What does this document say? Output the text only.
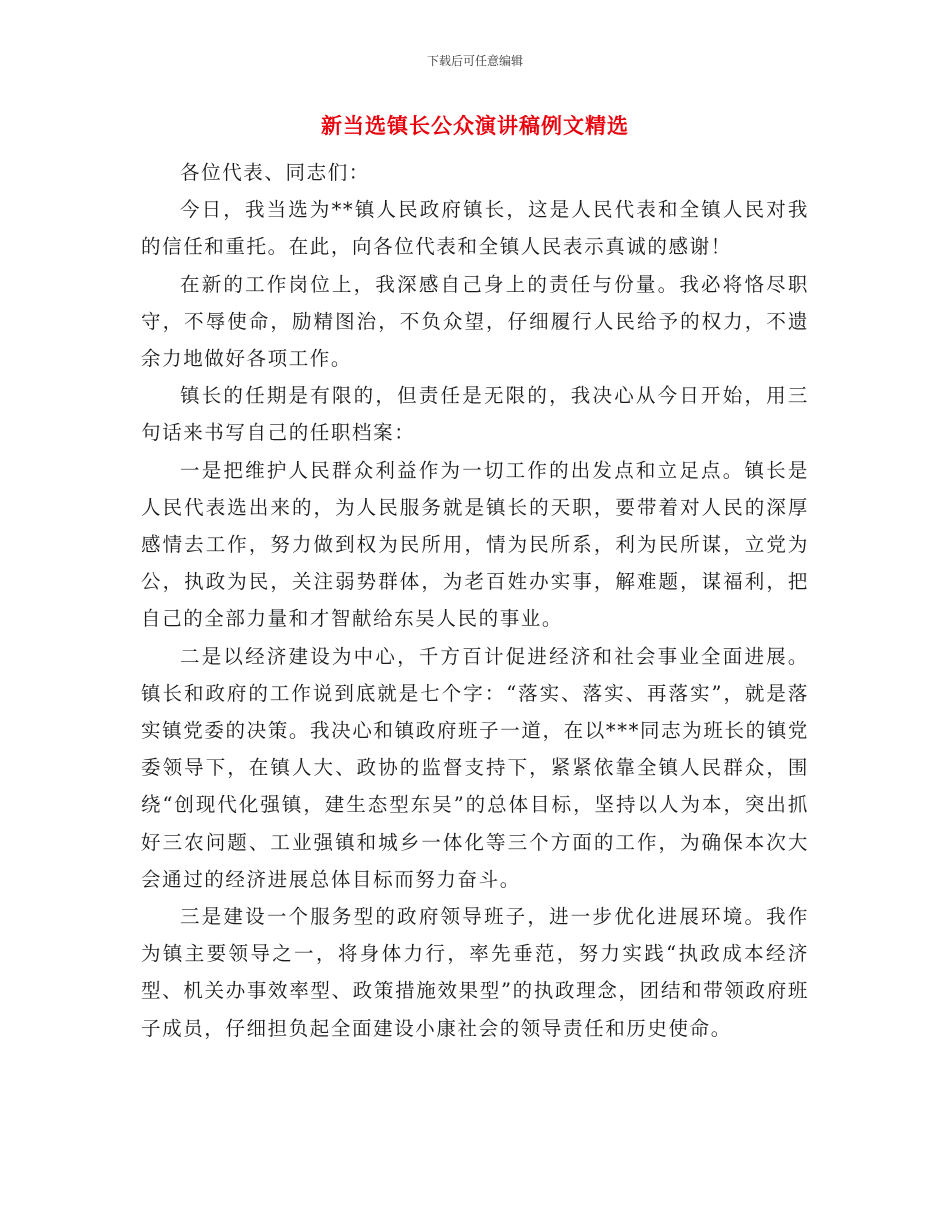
下载后可任意编辑
新当选镇长公众演讲稿例文精选

各位代表、同志们：

今日，我当选为**镇人民政府镇长，这是人民代表和全镇人民对我的信任和重托。在此，向各位代表和全镇人民表示真诚的感谢！

在新的工作岗位上，我深感自己身上的责任与份量。我必将恪尽职守，不辱使命，励精图治，不负众望，仔细履行人民给予的权力，不遗余力地做好各项工作。

镇长的任期是有限的，但责任是无限的，我决心从今日开始，用三句话来书写自己的任职档案：

一是把维护人民群众利益作为一切工作的出发点和立足点。镇长是人民代表选出来的，为人民服务就是镇长的天职，要带着对人民的深厚感情去工作，努力做到权为民所用，情为民所系，利为民所谋，立党为公，执政为民，关注弱势群体，为老百姓办实事，解难题，谋福利，把自己的全部力量和才智献给东吴人民的事业。

二是以经济建设为中心，千方百计促进经济和社会事业全面进展。镇长和政府的工作说到底就是七个字：“落实、落实、再落实”，就是落实镇党委的决策。我决心和镇政府班子一道，在以***同志为班长的镇党委领导下，在镇人大、政协的监督支持下，紧紧依靠全镇人民群众，围绕“创现代化强镇，建生态型东吴”的总体目标，坚持以人为本，突出抓好三农问题、工业强镇和城乡一体化等三个方面的工作，为确保本次大会通过的经济进展总体目标而努力奋斗。

三是建设一个服务型的政府领导班子，进一步优化进展环境。我作为镇主要领导之一，将身体力行，率先垂范，努力实践“执政成本经济型、机关办事效率型、政策措施效果型”的执政理念，团结和带领政府班子成员，仔细担负起全面建设小康社会的领导责任和历史使命。
